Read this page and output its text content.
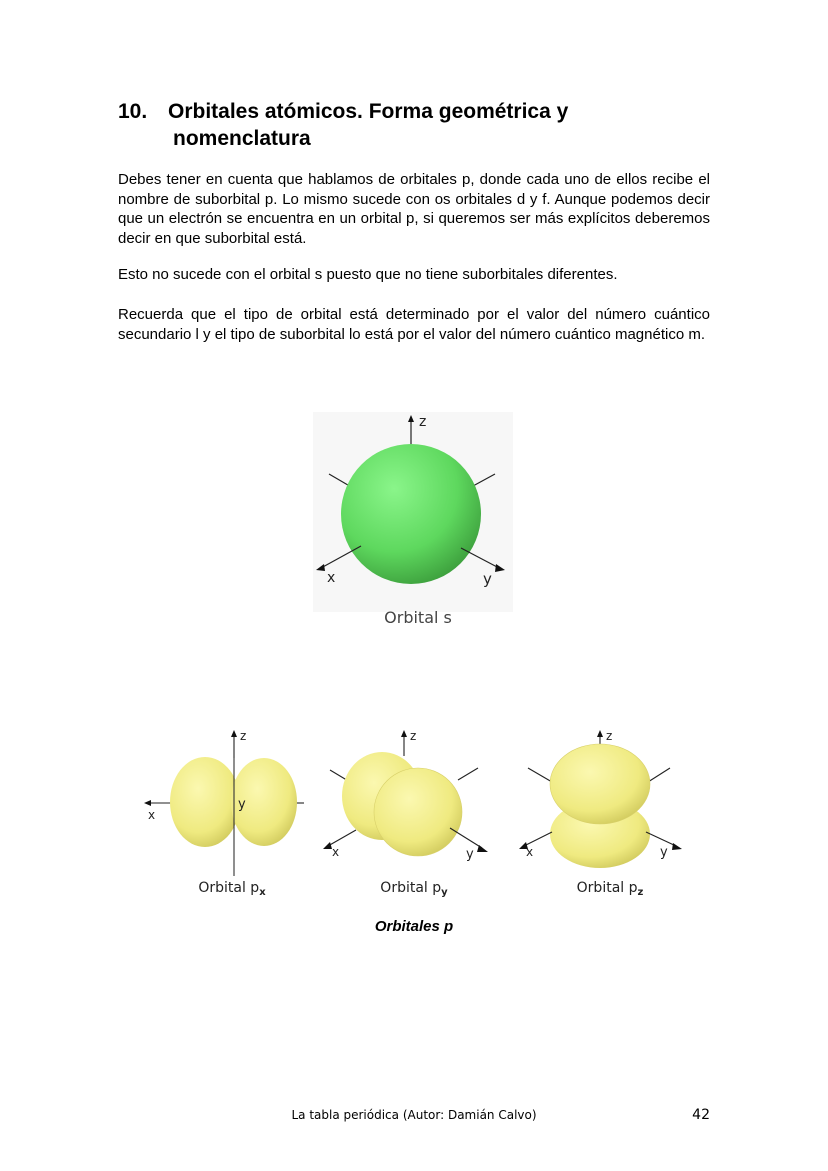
10. Orbitales atómicos. Forma geométrica y
nomenclatura

Debes tener en cuenta que hablamos de orbitales p, donde cada uno de ellos recibe el nombre de suborbital p. Lo mismo sucede con os orbitales d y f. Aunque podemos decir que un electrón se encuentra en un orbital p, si queremos ser más explícitos deberemos decir en que suborbital está.

Esto no sucede con el orbital s puesto que no tiene suborbitales diferentes.

Recuerda que el tipo de orbital está determinado por el valor del número cuántico secundario l y el tipo de suborbital lo está por el valor del número cuántico magnético m.

z
x	y
Orbital s
z
x
y
z
x	y
z
x	y
Orbital $p_x$	Orbital $p_y$	Orbital $p_z$
Orbitales p
La tabla periódica (Autor: Damián Calvo)	42
